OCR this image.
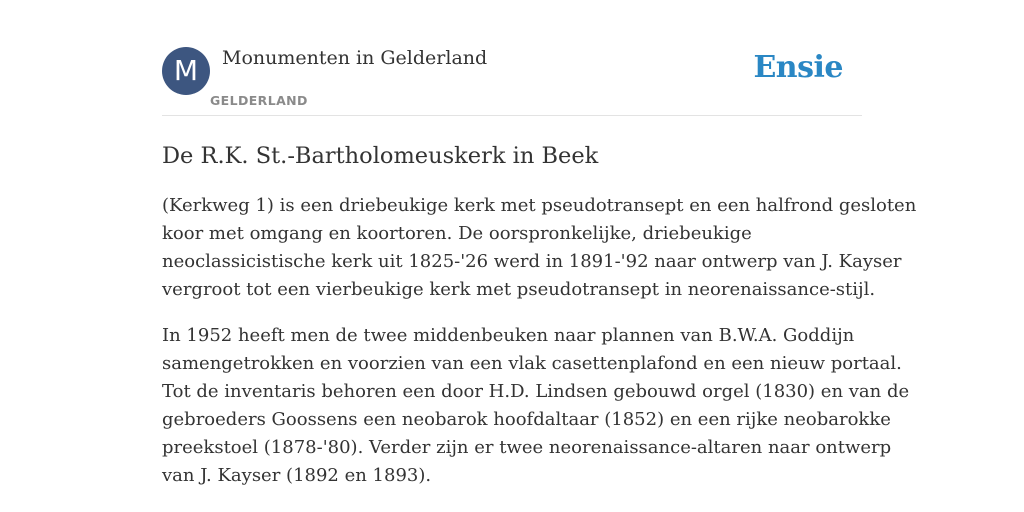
M	Monumenten in Gelderland
GELDERLAND
Ensie
De R.K. St.-Bartholomeuskerk in Beek

(Kerkweg 1) is een driebeukige kerk met pseudotransept en een halfrond gesloten
koor met omgang en koortoren. De oorspronkelijke, driebeukige
neoclassicistische kerk uit 1825-'26 werd in 1891-'92 naar ontwerp van J. Kayser
vergroot tot een vierbeukige kerk met pseudotransept in neorenaissance-stijl.

In 1952 heeft men de twee middenbeuken naar plannen van B.W.A. Goddijn
samengetrokken en voorzien van een vlak casettenplafond en een nieuw portaal.
Tot de inventaris behoren een door H.D. Lindsen gebouwd orgel (1830) en van de
gebroeders Goossens een neobarok hoofdaltaar (1852) en een rijke neobarokke
preekstoel (1878-'80). Verder zijn er twee neorenaissance-altaren naar ontwerp
van J. Kayser (1892 en 1893).
